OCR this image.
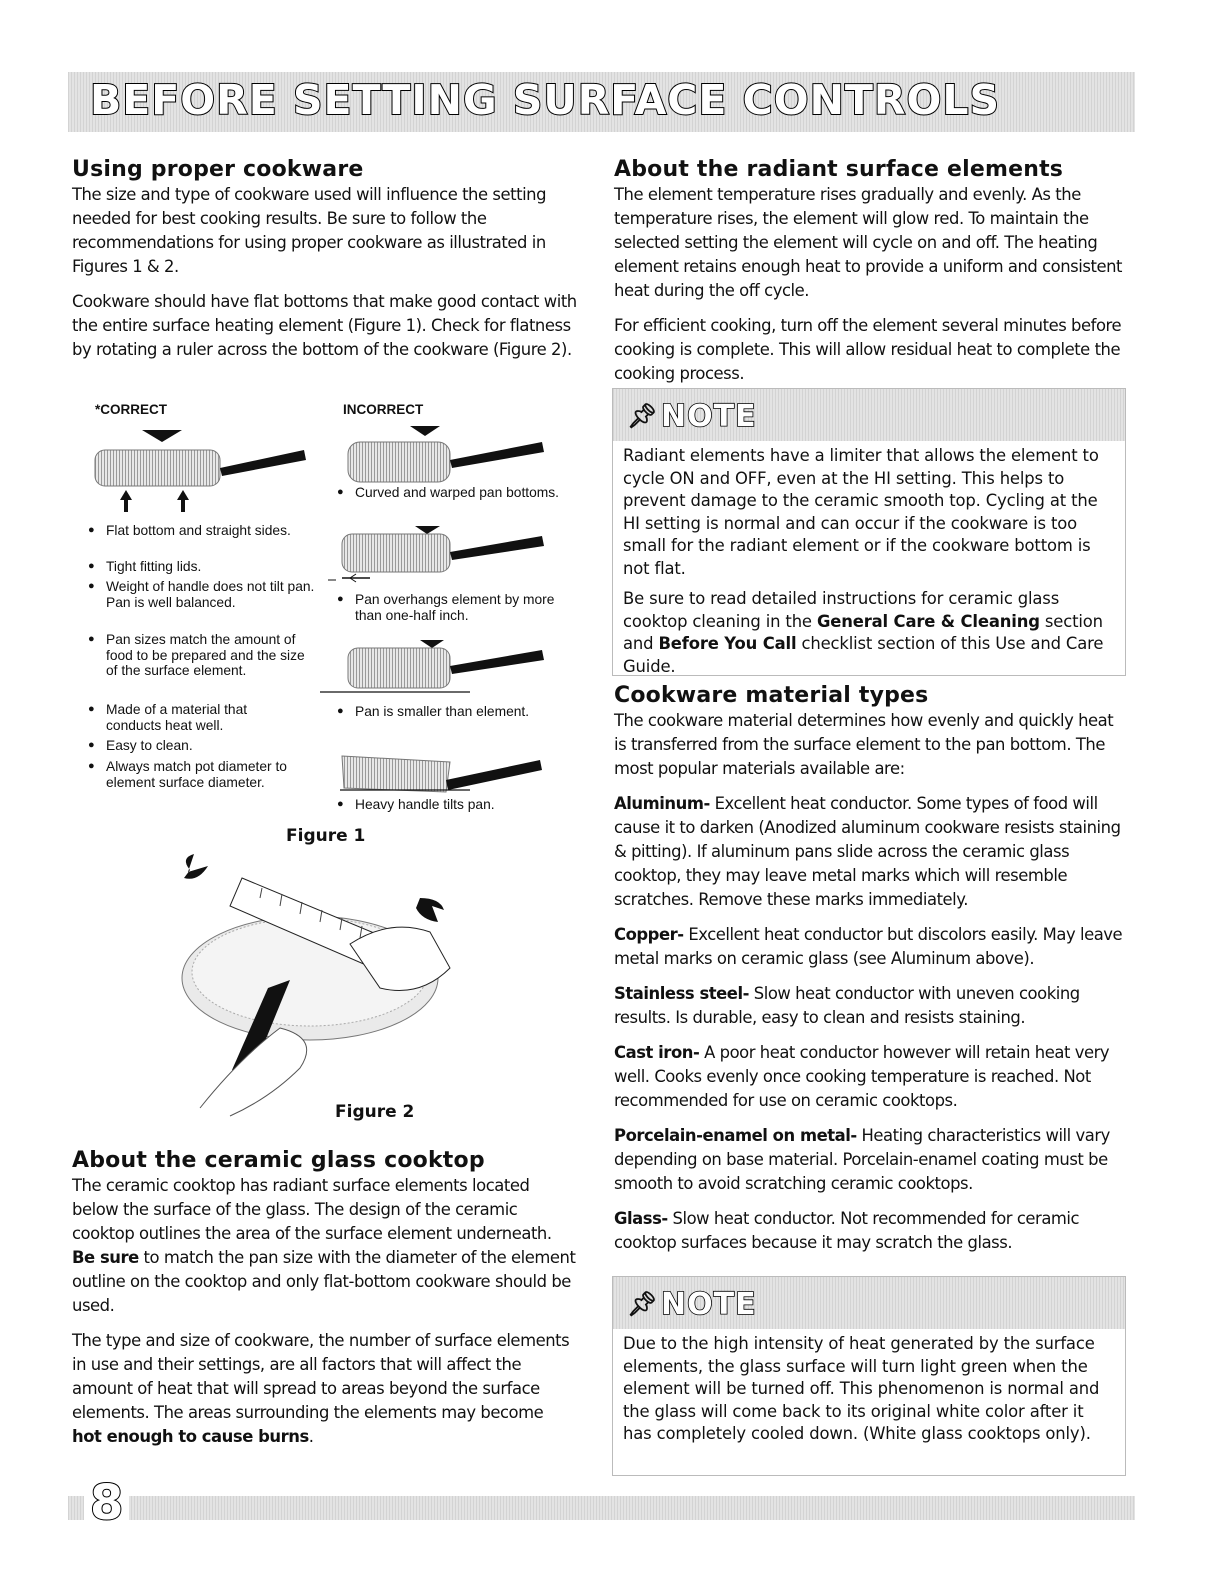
BEFORE SETTING SURFACE CONTROLS
Using proper cookware

The size and type of cookware used will influence the setting needed for best cooking results. Be sure to follow the recommendations for using proper cookware as illustrated in Figures 1 & 2.

Cookware should have flat bottoms that make good contact with the entire surface heating element (Figure 1). Check for flatness by rotating a ruler across the bottom of the cookware (Figure 2).

*CORRECT	INCORRECT
● Flat bottom and straight sides.
● Tight fitting lids.
● Weight of handle does not tilt pan. Pan is well balanced.
● Pan sizes match the amount of food to be prepared and the size of the surface element.
● Made of a material that conducts heat well.
● Easy to clean.
● Always match pot diameter to element surface diameter.
● Curved and warped pan bottoms.
● Pan overhangs element by more than one-half inch.
● Pan is smaller than element.
● Heavy handle tilts pan.
Figure 1
Figure 2
About the ceramic glass cooktop

The ceramic cooktop has radiant surface elements located below the surface of the glass. The design of the ceramic cooktop outlines the area of the surface element underneath. Be sure to match the pan size with the diameter of the element outline on the cooktop and only flat-bottom cookware should be used.

The type and size of cookware, the number of surface elements in use and their settings, are all factors that will affect the amount of heat that will spread to areas beyond the surface elements. The areas surrounding the elements may become hot enough to cause burns.

About the radiant surface elements

The element temperature rises gradually and evenly. As the temperature rises, the element will glow red. To maintain the selected setting the element will cycle on and off. The heating element retains enough heat to provide a uniform and consistent heat during the off cycle.

For efficient cooking, turn off the element several minutes before cooking is complete. This will allow residual heat to complete the cooking process.

📌︎ NOTE

Radiant elements have a limiter that allows the element to cycle ON and OFF, even at the HI setting. This helps to prevent damage to the ceramic smooth top. Cycling at the HI setting is normal and can occur if the cookware is too small for the radiant element or if the cookware bottom is not flat.

Be sure to read detailed instructions for ceramic glass cooktop cleaning in the General Care & Cleaning section and Before You Call checklist section of this Use and Care Guide.

Cookware material types

The cookware material determines how evenly and quickly heat is transferred from the surface element to the pan bottom. The most popular materials available are:

Aluminum- Excellent heat conductor. Some types of food will cause it to darken (Anodized aluminum cookware resists staining & pitting). If aluminum pans slide across the ceramic glass cooktop, they may leave metal marks which will resemble scratches. Remove these marks immediately.

Copper- Excellent heat conductor but discolors easily. May leave metal marks on ceramic glass (see Aluminum above).

Stainless steel- Slow heat conductor with uneven cooking results. Is durable, easy to clean and resists staining.

Cast iron- A poor heat conductor however will retain heat very well. Cooks evenly once cooking temperature is reached. Not recommended for use on ceramic cooktops.

Porcelain-enamel on metal- Heating characteristics will vary depending on base material. Porcelain-enamel coating must be smooth to avoid scratching ceramic cooktops.

Glass- Slow heat conductor. Not recommended for ceramic cooktop surfaces because it may scratch the glass.

📌︎ NOTE

Due to the high intensity of heat generated by the surface elements, the glass surface will turn light green when the element will be turned off. This phenomenon is normal and the glass will come back to its original white color after it has completely cooled down. (White glass cooktops only).

8
